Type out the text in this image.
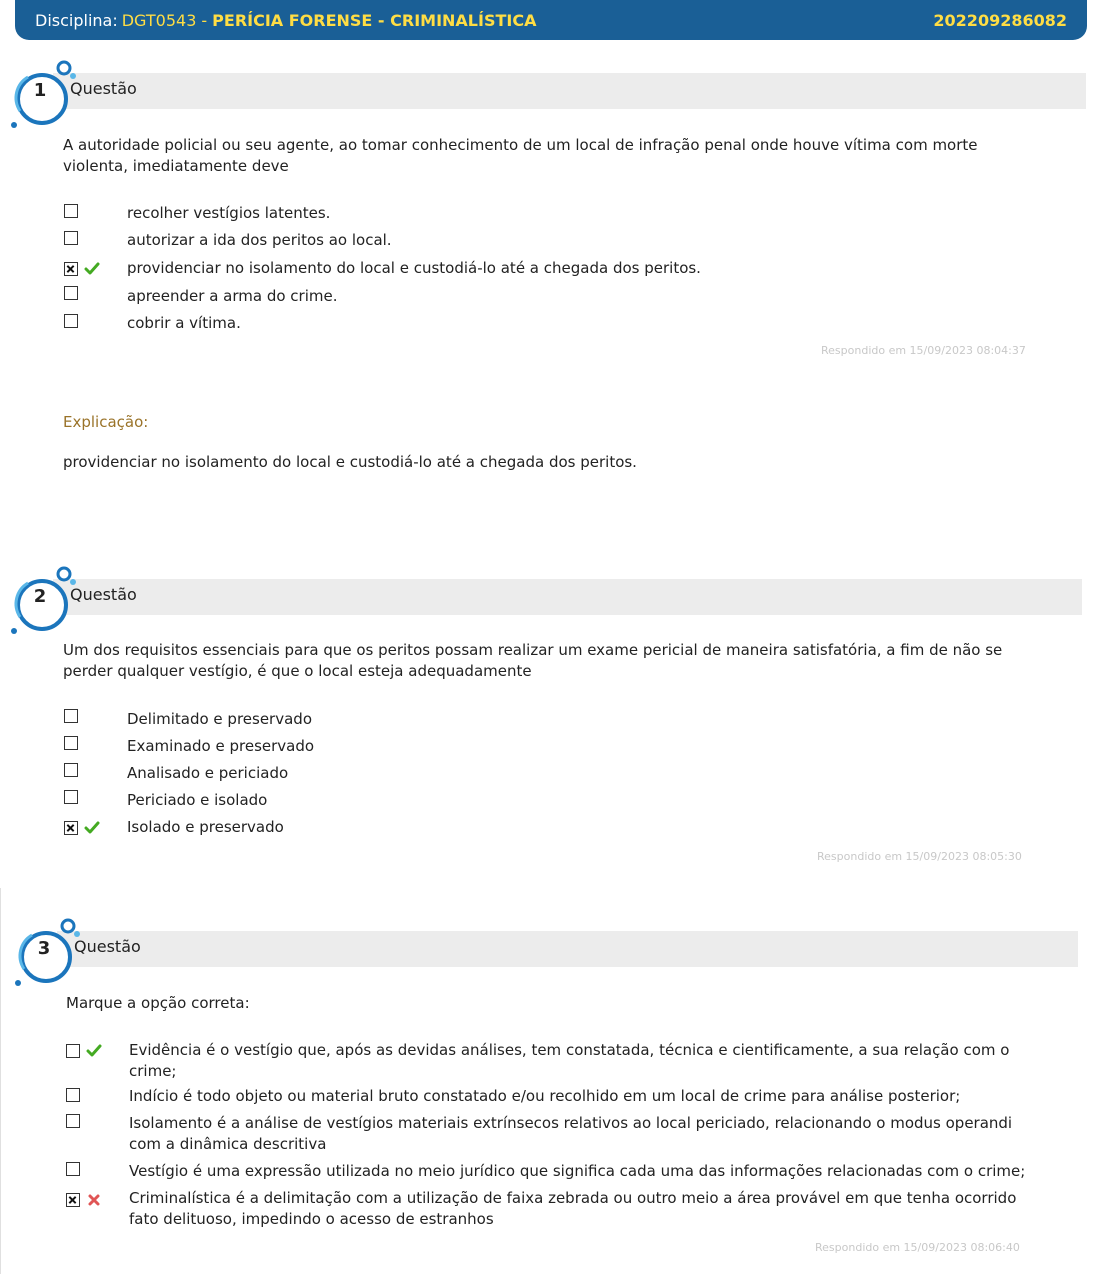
Disciplina: DGT0543 - PERÍCIA FORENSE - CRIMINALÍSTICA	202209286082
1	Questão
A autoridade policial ou seu agente, ao tomar conhecimento de um local de infração penal onde houve vítima com morte violenta, imediatamente deve
recolher vestígios latentes.
autorizar a ida dos peritos ao local.
providenciar no isolamento do local e custodiá-lo até a chegada dos peritos.
apreender a arma do crime.
cobrir a vítima.
Respondido em 15/09/2023 08:04:37
Explicação:
providenciar no isolamento do local e custodiá-lo até a chegada dos peritos.
2	Questão
Um dos requisitos essenciais para que os peritos possam realizar um exame pericial de maneira satisfatória, a fim de não se perder qualquer vestígio, é que o local esteja adequadamente
Delimitado e preservado
Examinado e preservado
Analisado e periciado
Periciado e isolado
Isolado e preservado
Respondido em 15/09/2023 08:05:30
3	Questão
Marque a opção correta:
Evidência é o vestígio que, após as devidas análises, tem constatada, técnica e cientificamente, a sua relação com o crime;
Indício é todo objeto ou material bruto constatado e/ou recolhido em um local de crime para análise posterior;
Isolamento é a análise de vestígios materiais extrínsecos relativos ao local periciado, relacionando o modus operandi com a dinâmica descritiva
Vestígio é uma expressão utilizada no meio jurídico que significa cada uma das informações relacionadas com o crime;
Criminalística é a delimitação com a utilização de faixa zebrada ou outro meio a área provável em que tenha ocorrido fato delituoso, impedindo o acesso de estranhos
Respondido em 15/09/2023 08:06:40
